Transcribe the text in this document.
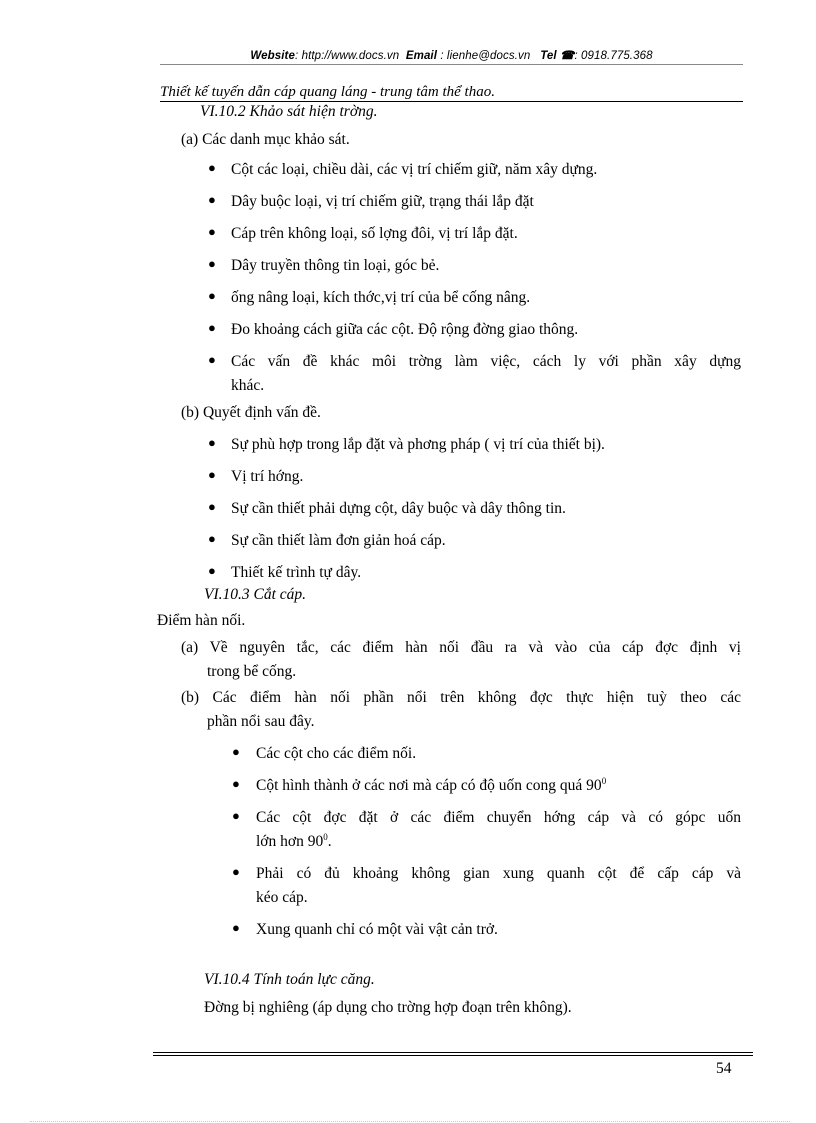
Website: http://www.docs.vn Email : lienhe@docs.vn Tel ☎: 0918.775.368
Thiết kế tuyến dẫn cáp quang láng - trung tâm thể thao.
VI.10.2 Khảo sát hiện trờng.
(a) Các danh mục khảo sát.
● Cột các loại, chiều dài, các vị trí chiếm giữ, năm xây dựng.
● Dây buộc loại, vị trí chiếm giữ, trạng thái lắp đặt
● Cáp trên không loại, số lợng đôi, vị trí lắp đặt.
● Dây truyền thông tin loại, góc bẻ.
● ống nâng loại, kích thớc,vị trí của bể cống nâng.
● Đo khoảng cách giữa các cột. Độ rộng đờng giao thông.
● Các vấn đề khác môi trờng làm việc, cách ly với phần xây dựng
khác.
(b) Quyết định vấn đề.
● Sự phù hợp trong lắp đặt và phơng pháp ( vị trí của thiết bị).
● Vị trí hớng.
● Sự cần thiết phải dựng cột, dây buộc và dây thông tin.
● Sự cần thiết làm đơn giản hoá cáp.
● Thiết kế trình tự dây.
VI.10.3 Cắt cáp.
Điểm hàn nối.
(a) Về nguyên tắc, các điểm hàn nối đầu ra và vào của cáp đợc định vị
trong bể cống.
(b) Các điểm hàn nối phần nổi trên không đợc thực hiện tuỳ theo các
phần nổi sau đây.
● Các cột cho các điểm nối.
● Cột hình thành ở các nơi mà cáp có độ uốn cong quá $90^0$
● Các cột đợc đặt ở các điểm chuyển hớng cáp và có gópc uốn
lớn hơn $90^0$.
● Phải có đủ khoảng không gian xung quanh cột để cấp cáp và
kéo cáp.
● Xung quanh chỉ có một vài vật cản trở.
VI.10.4 Tính toán lực căng.
Đờng bị nghiêng (áp dụng cho trờng hợp đoạn trên không).
54
